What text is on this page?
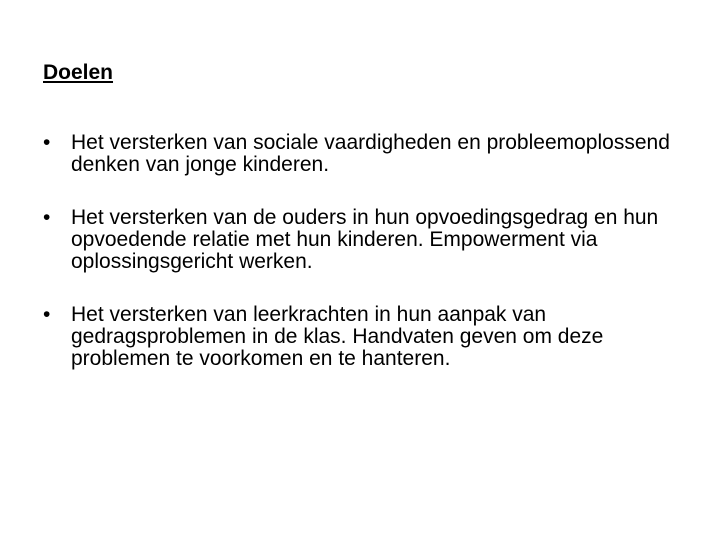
Doelen
• Het versterken van sociale vaardigheden en probleemoplossend denken van jonge kinderen.
• Het versterken van de ouders in hun opvoedingsgedrag en hun opvoedende relatie met hun kinderen. Empowerment via oplossingsgericht werken.
• Het versterken van leerkrachten in hun aanpak van gedragsproblemen in de klas. Handvaten geven om deze problemen te voorkomen en te hanteren.
